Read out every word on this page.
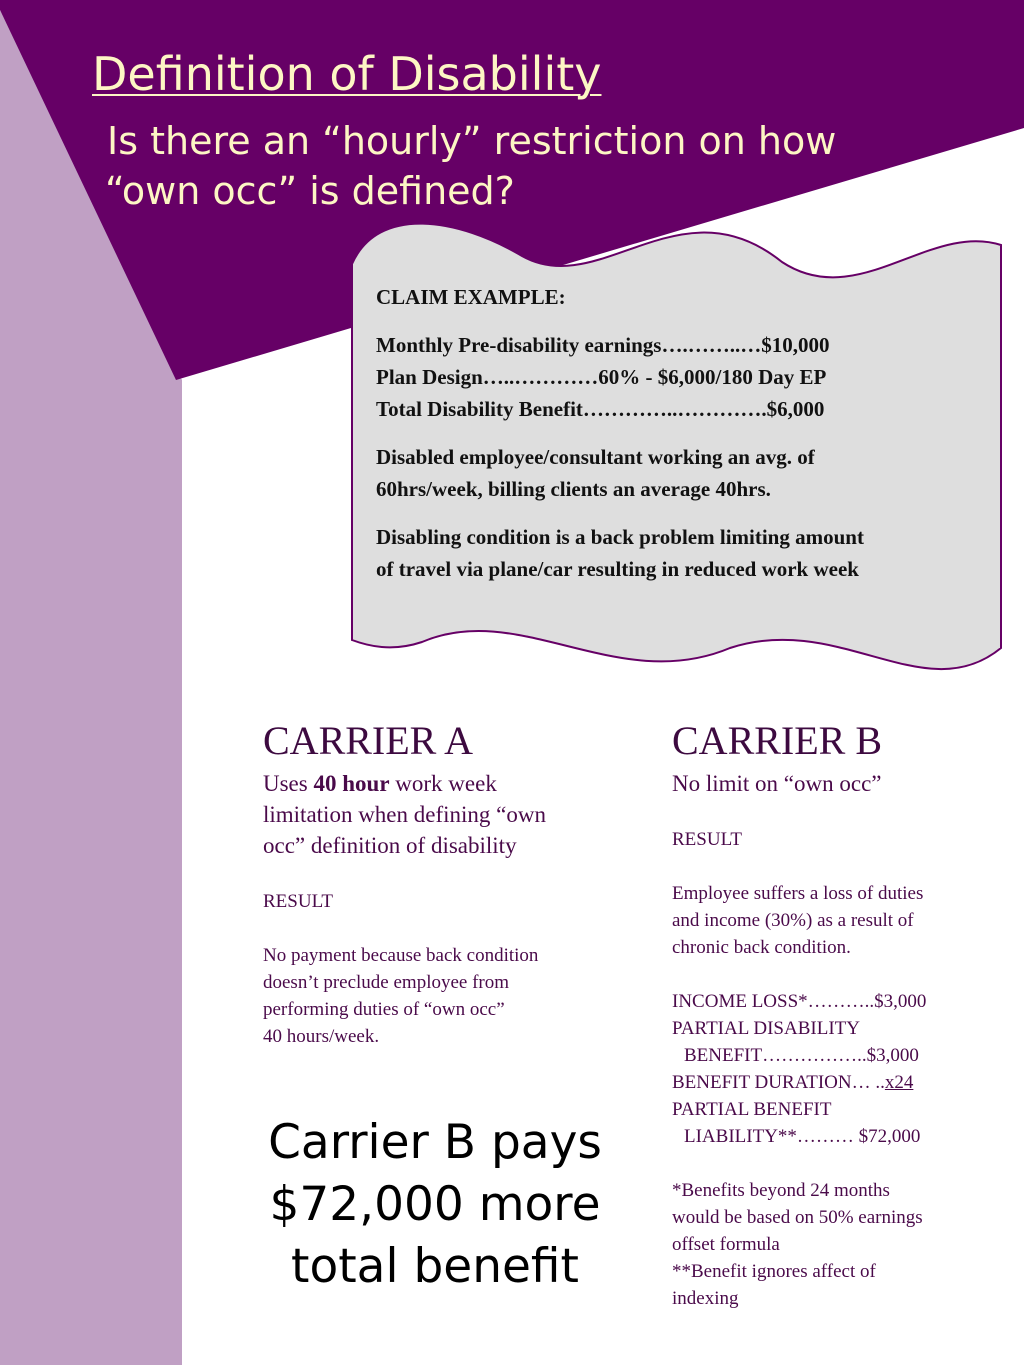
Definition of Disability
Is there an “hourly” restriction on how
“own occ” is defined?
CLAIM EXAMPLE:
Monthly Pre-disability earnings….……..…$10,000
Plan Design…..…………60% - $6,000/180 Day EP
Total Disability Benefit…………..………….$6,000
Disabled employee/consultant working an avg. of
60hrs/week, billing clients an average 40hrs.
Disabling condition is a back problem limiting amount
of travel via plane/car resulting in reduced work week
CARRIER A
Uses 40 hour work week
limitation when defining “own
occ” definition of disability
RESULT
No payment because back condition
doesn’t preclude employee from
performing duties of “own occ”
40 hours/week.
CARRIER B
No limit on “own occ”
RESULT
Employee suffers a loss of duties
and income (30%) as a result of
chronic back condition.
INCOME LOSS*………..$3,000
PARTIAL DISABILITY
BENEFIT……………..$3,000
BENEFIT DURATION… ..x24
PARTIAL BENEFIT
LIABILITY**……… $72,000
*Benefits beyond 24 months
would be based on 50% earnings
offset formula
**Benefit ignores affect of
indexing
Carrier B pays
$72,000 more
total benefit
